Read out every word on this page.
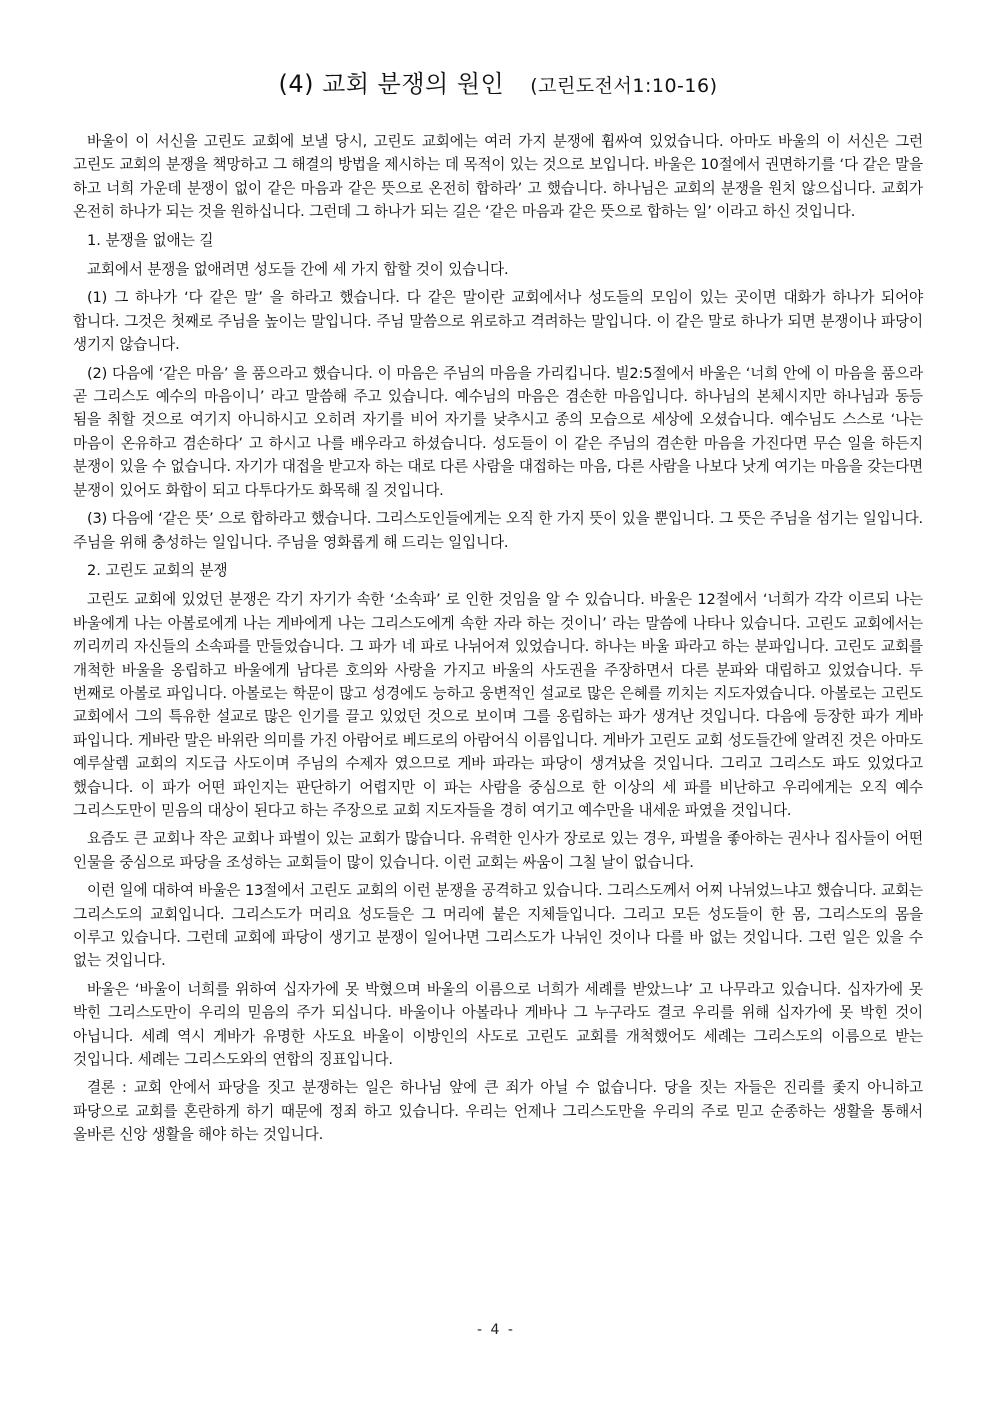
(4) 교회 분쟁의 원인 (고린도전서1:10-16)

바울이 이 서신을 고린도 교회에 보낼 당시, 고린도 교회에는 여러 가지 분쟁에 휩싸여 있었습니다. 아마도 바울의 이 서신은 그런 고린도 교회의 분쟁을 책망하고 그 해결의 방법을 제시하는 데 목적이 있는 것으로 보입니다. 바울은 10절에서 권면하기를 ‘다 같은 말을 하고 너희 가운데 분쟁이 없이 같은 마음과 같은 뜻으로 온전히 합하라’ 고 했습니다. 하나님은 교회의 분쟁을 원치 않으십니다. 교회가 온전히 하나가 되는 것을 원하십니다. 그런데 그 하나가 되는 길은 ‘같은 마음과 같은 뜻으로 합하는 일’ 이라고 하신 것입니다.

1. 분쟁을 없애는 길

교회에서 분쟁을 없애려면 성도들 간에 세 가지 합할 것이 있습니다.

(1) 그 하나가 ‘다 같은 말’ 을 하라고 했습니다. 다 같은 말이란 교회에서나 성도들의 모임이 있는 곳이면 대화가 하나가 되어야 합니다. 그것은 첫째로 주님을 높이는 말입니다. 주님 말씀으로 위로하고 격려하는 말입니다. 이 같은 말로 하나가 되면 분쟁이나 파당이 생기지 않습니다.

(2) 다음에 ‘같은 마음’ 을 품으라고 했습니다. 이 마음은 주님의 마음을 가리킵니다. 빌2:5절에서 바울은 ‘너희 안에 이 마음을 품으라 곧 그리스도 예수의 마음이니’ 라고 말씀해 주고 있습니다. 예수님의 마음은 겸손한 마음입니다. 하나님의 본체시지만 하나님과 동등 됨을 취할 것으로 여기지 아니하시고 오히려 자기를 비어 자기를 낮추시고 종의 모습으로 세상에 오셨습니다. 예수님도 스스로 ‘나는 마음이 온유하고 겸손하다’ 고 하시고 나를 배우라고 하셨습니다. 성도들이 이 같은 주님의 겸손한 마음을 가진다면 무슨 일을 하든지 분쟁이 있을 수 없습니다. 자기가 대접을 받고자 하는 대로 다른 사람을 대접하는 마음, 다른 사람을 나보다 낫게 여기는 마음을 갖는다면 분쟁이 있어도 화합이 되고 다투다가도 화목해 질 것입니다.

(3) 다음에 ‘같은 뜻’ 으로 합하라고 했습니다. 그리스도인들에게는 오직 한 가지 뜻이 있을 뿐입니다. 그 뜻은 주님을 섬기는 일입니다. 주님을 위해 충성하는 일입니다. 주님을 영화롭게 해 드리는 일입니다.

2. 고린도 교회의 분쟁

고린도 교회에 있었던 분쟁은 각기 자기가 속한 ‘소속파’ 로 인한 것임을 알 수 있습니다. 바울은 12절에서 ‘너희가 각각 이르되 나는 바울에게 나는 아볼로에게 나는 게바에게 나는 그리스도에게 속한 자라 하는 것이니’ 라는 말씀에 나타나 있습니다. 고린도 교회에서는 끼리끼리 자신들의 소속파를 만들었습니다. 그 파가 네 파로 나뉘어져 있었습니다. 하나는 바울 파라고 하는 분파입니다. 고린도 교회를 개척한 바울을 옹립하고 바울에게 남다른 호의와 사랑을 가지고 바울의 사도권을 주장하면서 다른 분파와 대립하고 있었습니다. 두 번째로 아볼로 파입니다. 아볼로는 학문이 많고 성경에도 능하고 웅변적인 설교로 많은 은혜를 끼치는 지도자였습니다. 아볼로는 고린도 교회에서 그의 특유한 설교로 많은 인기를 끌고 있었던 것으로 보이며 그를 옹립하는 파가 생겨난 것입니다. 다음에 등장한 파가 게바 파입니다. 게바란 말은 바위란 의미를 가진 아람어로 베드로의 아람어식 이름입니다. 게바가 고린도 교회 성도들간에 알려진 것은 아마도 예루살렘 교회의 지도급 사도이며 주님의 수제자 였으므로 게바 파라는 파당이 생겨났을 것입니다. 그리고 그리스도 파도 있었다고 했습니다. 이 파가 어떤 파인지는 판단하기 어렵지만 이 파는 사람을 중심으로 한 이상의 세 파를 비난하고 우리에게는 오직 예수 그리스도만이 믿음의 대상이 된다고 하는 주장으로 교회 지도자들을 경히 여기고 예수만을 내세운 파였을 것입니다.

요즘도 큰 교회나 작은 교회나 파벌이 있는 교회가 많습니다. 유력한 인사가 장로로 있는 경우, 파벌을 좋아하는 권사나 집사들이 어떤 인물을 중심으로 파당을 조성하는 교회들이 많이 있습니다. 이런 교회는 싸움이 그칠 날이 없습니다.

이런 일에 대하여 바울은 13절에서 고린도 교회의 이런 분쟁을 공격하고 있습니다. 그리스도께서 어찌 나뉘었느냐고 했습니다. 교회는 그리스도의 교회입니다. 그리스도가 머리요 성도들은 그 머리에 붙은 지체들입니다. 그리고 모든 성도들이 한 몸, 그리스도의 몸을 이루고 있습니다. 그런데 교회에 파당이 생기고 분쟁이 일어나면 그리스도가 나뉘인 것이나 다를 바 없는 것입니다. 그런 일은 있을 수 없는 것입니다.

바울은 ‘바울이 너희를 위하여 십자가에 못 박혔으며 바울의 이름으로 너희가 세례를 받았느냐’ 고 나무라고 있습니다. 십자가에 못 박힌 그리스도만이 우리의 믿음의 주가 되십니다. 바울이나 아볼라나 게바나 그 누구라도 결코 우리를 위해 십자가에 못 박힌 것이 아닙니다. 세례 역시 게바가 유명한 사도요 바울이 이방인의 사도로 고린도 교회를 개척했어도 세례는 그리스도의 이름으로 받는 것입니다. 세례는 그리스도와의 연합의 징표입니다.

결론 : 교회 안에서 파당을 짓고 분쟁하는 일은 하나님 앞에 큰 죄가 아닐 수 없습니다. 당을 짓는 자들은 진리를 좇지 아니하고 파당으로 교회를 혼란하게 하기 때문에 정죄 하고 있습니다. 우리는 언제나 그리스도만을 우리의 주로 믿고 순종하는 생활을 통해서 올바른 신앙 생활을 해야 하는 것입니다.

- 4 -
